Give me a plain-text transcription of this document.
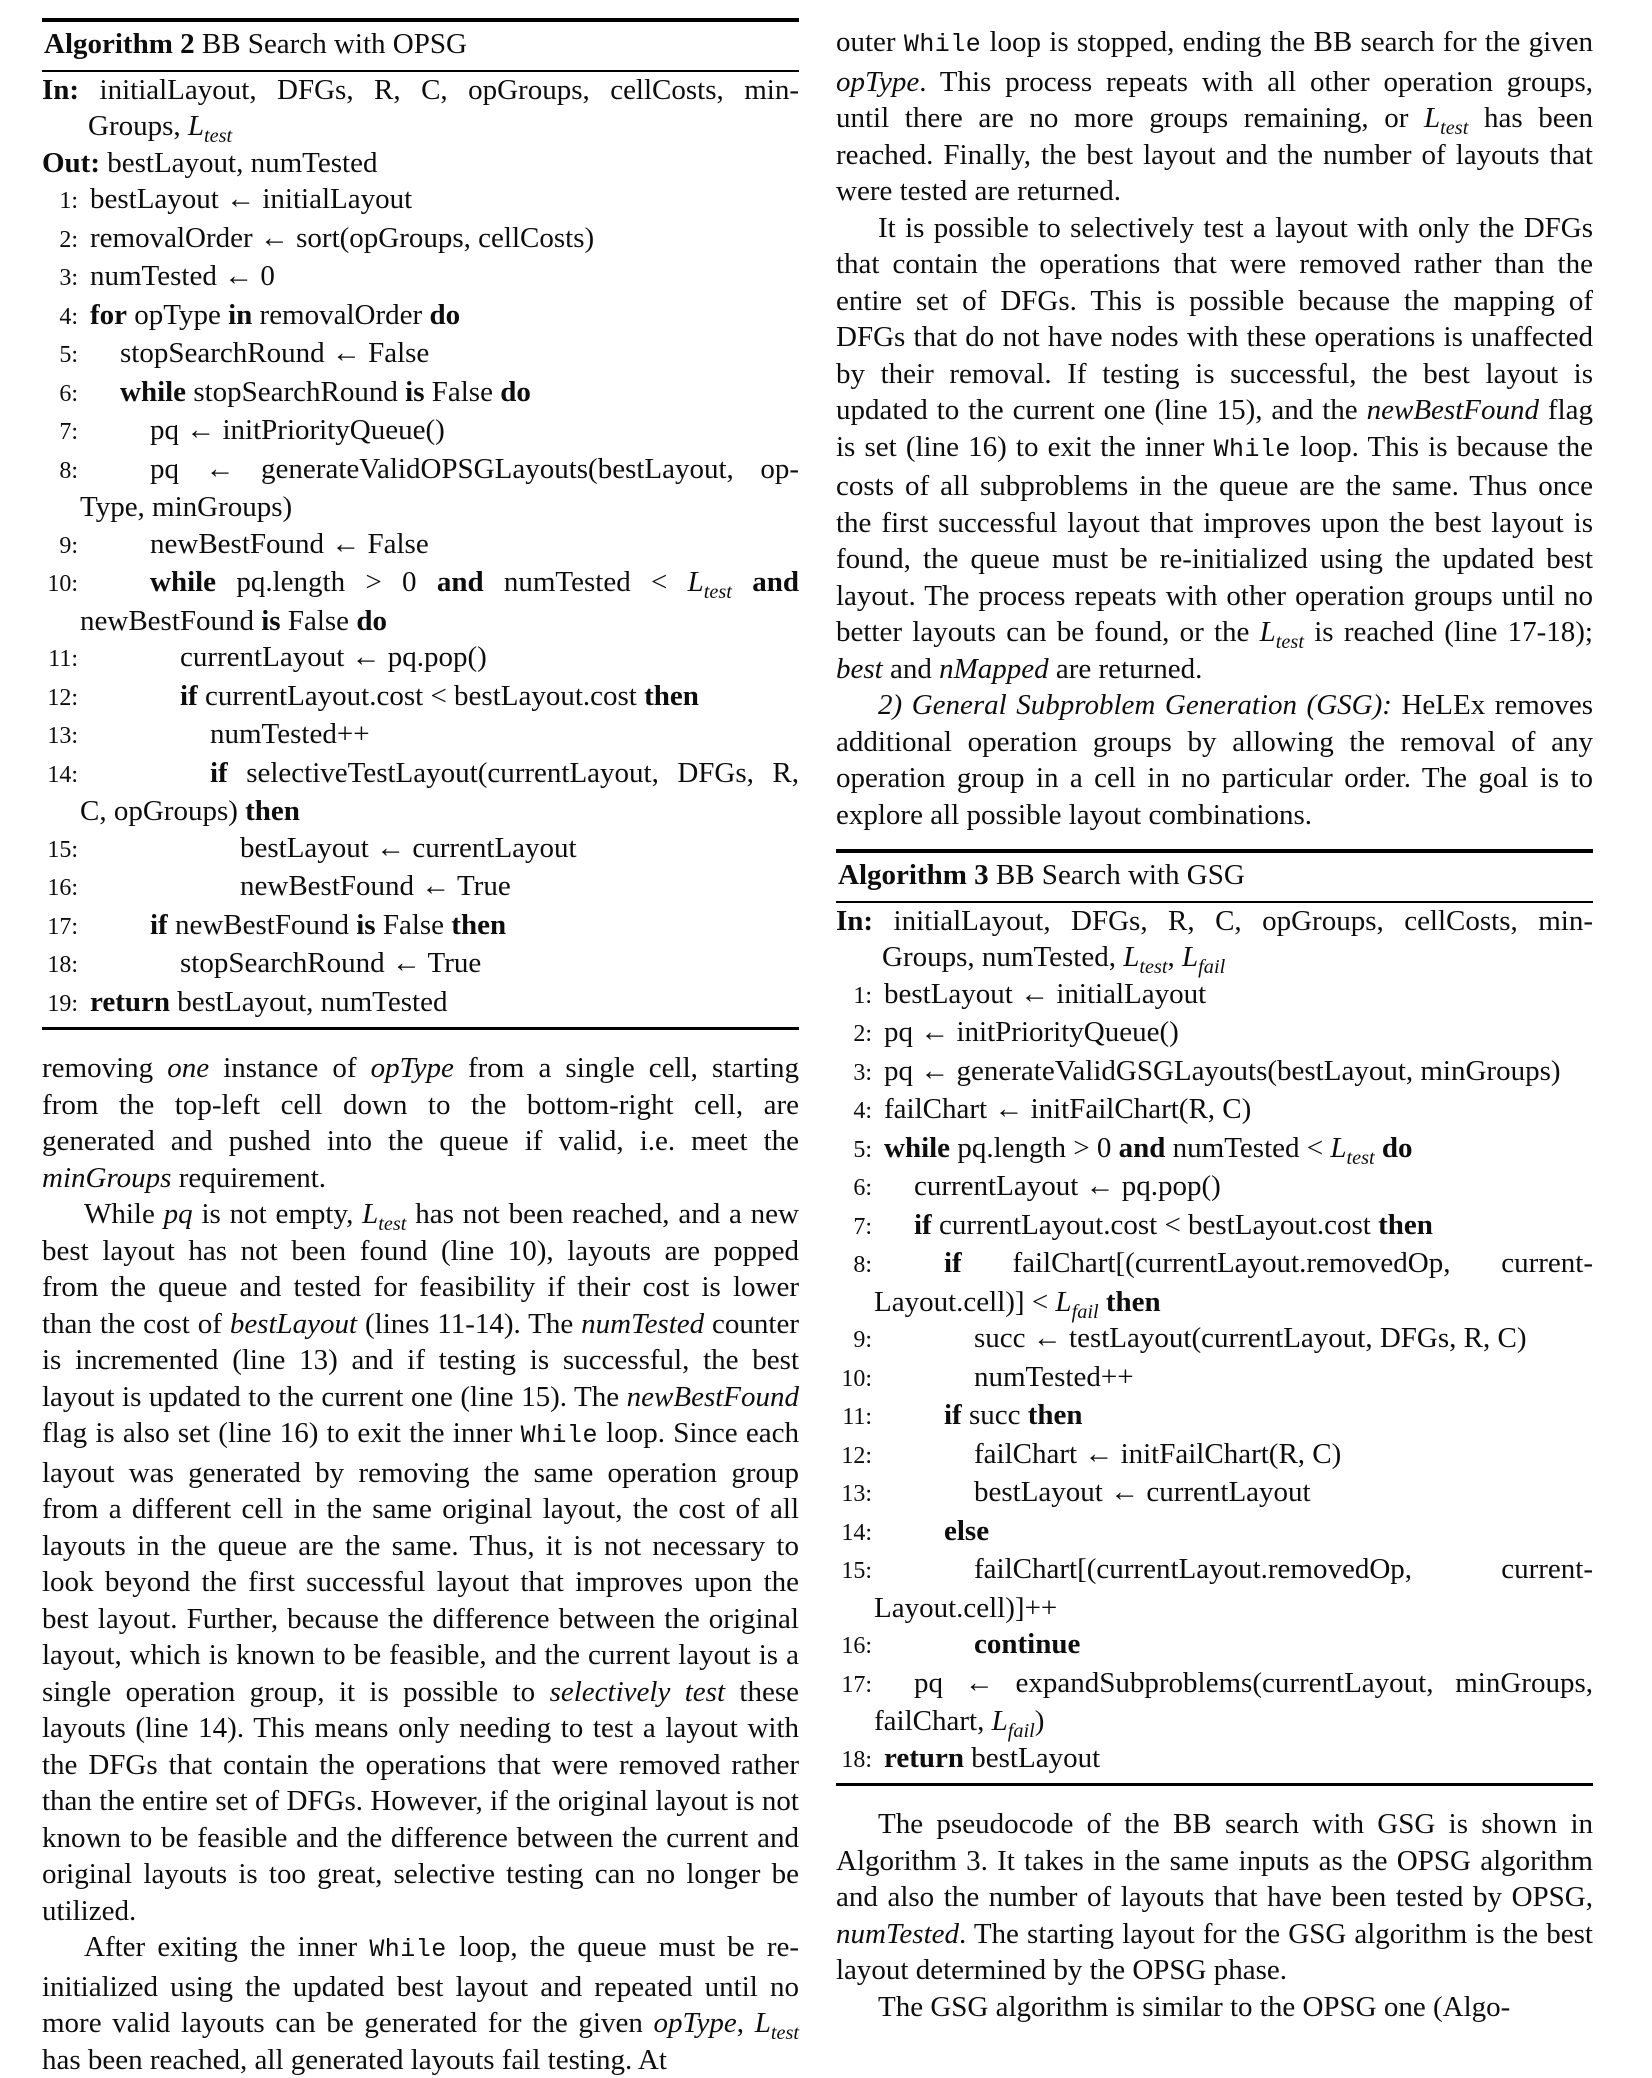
Algorithm 2 BB Search with OPSG
In: initialLayout, DFGs, R, C, opGroups, cellCosts, min-Groups, $L_{test}$
Out: bestLayout, numTested
1: bestLayout ← initialLayout
2: removalOrder ← sort(opGroups, cellCosts)
3: numTested ← 0
4: for opType in removalOrder do
5: stopSearchRound ← False
6: while stopSearchRound is False do
7: pq ← initPriorityQueue()
8: pq ← generateValidOPSGLayouts(bestLayout, op-Type, minGroups)
9: newBestFound ← False
10: while pq.length > 0 and numTested < $L_{test}$ and newBestFound is False do
11:	currentLayout ← pq.pop()
12:	if currentLayout.cost < bestLayout.cost then
13:	numTested++
14:	if selectiveTestLayout(currentLayout, DFGs, R, C, opGroups) then
15:	bestLayout ← currentLayout
16:	newBestFound ← True
17: if newBestFound is False then
18:	stopSearchRound ← True
19: return bestLayout, numTested

removing one instance of opType from a single cell, starting from the top-left cell down to the bottom-right cell, are generated and pushed into the queue if valid, i.e. meet the minGroups requirement.

While pq is not empty, $L_{test}$ has not been reached, and a new best layout has not been found (line 10), layouts are popped from the queue and tested for feasibility if their cost is lower than the cost of bestLayout (lines 11-14). The numTested counter is incremented (line 13) and if testing is successful, the best layout is updated to the current one (line 15). The newBestFound flag is also set (line 16) to exit the inner While loop. Since each layout was generated by removing the same operation group from a different cell in the same original layout, the cost of all layouts in the queue are the same. Thus, it is not necessary to look beyond the first successful layout that improves upon the best layout. Further, because the difference between the original layout, which is known to be feasible, and the current layout is a single operation group, it is possible to selectively test these layouts (line 14). This means only needing to test a layout with the DFGs that contain the operations that were removed rather than the entire set of DFGs. However, if the original layout is not known to be feasible and the difference between the current and original layouts is too great, selective testing can no longer be utilized.

After exiting the inner While loop, the queue must be re-initialized using the updated best layout and repeated until no more valid layouts can be generated for the given opType, $L_{test}$ has been reached, all generated layouts fail testing. At

outer While loop is stopped, ending the BB search for the given opType. This process repeats with all other operation groups, until there are no more groups remaining, or $L_{test}$ has been reached. Finally, the best layout and the number of layouts that were tested are returned.

It is possible to selectively test a layout with only the DFGs that contain the operations that were removed rather than the entire set of DFGs. This is possible because the mapping of DFGs that do not have nodes with these operations is unaffected by their removal. If testing is successful, the best layout is updated to the current one (line 15), and the newBestFound flag is set (line 16) to exit the inner While loop. This is because the costs of all subproblems in the queue are the same. Thus once the first successful layout that improves upon the best layout is found, the queue must be re-initialized using the updated best layout. The process repeats with other operation groups until no better layouts can be found, or the $L_{test}$ is reached (line 17-18); best and nMapped are returned.

2) General Subproblem Generation (GSG): HeLEx removes additional operation groups by allowing the removal of any operation group in a cell in no particular order. The goal is to explore all possible layout combinations.

Algorithm 3 BB Search with GSG
In: initialLayout, DFGs, R, C, opGroups, cellCosts, min-Groups, numTested, $L_{test}$, $L_{fail}$
1: bestLayout ← initialLayout
2: pq ← initPriorityQueue()
3: pq ← generateValidGSGLayouts(bestLayout, minGroups)
4: failChart ← initFailChart(R, C)
5: while pq.length > 0 and numTested < $L_{test}$ do
6: currentLayout ← pq.pop()
7: if currentLayout.cost < bestLayout.cost then
8: if failChart[(currentLayout.removedOp, current-Layout.cell)] < $L_{fail}$ then
9:	succ ← testLayout(currentLayout, DFGs, R, C)
10:	numTested++
11: if succ then
12:	failChart ← initFailChart(R, C)
13:	bestLayout ← currentLayout
14: else
15:	failChart[(currentLayout.removedOp, current-Layout.cell)]++
16:	continue
17: pq ← expandSubproblems(currentLayout, minGroups, failChart, $L_{fail}$)
18: return bestLayout

The pseudocode of the BB search with GSG is shown in Algorithm 3. It takes in the same inputs as the OPSG algorithm and also the number of layouts that have been tested by OPSG, numTested. The starting layout for the GSG algorithm is the best layout determined by the OPSG phase.

The GSG algorithm is similar to the OPSG one (Algo-
